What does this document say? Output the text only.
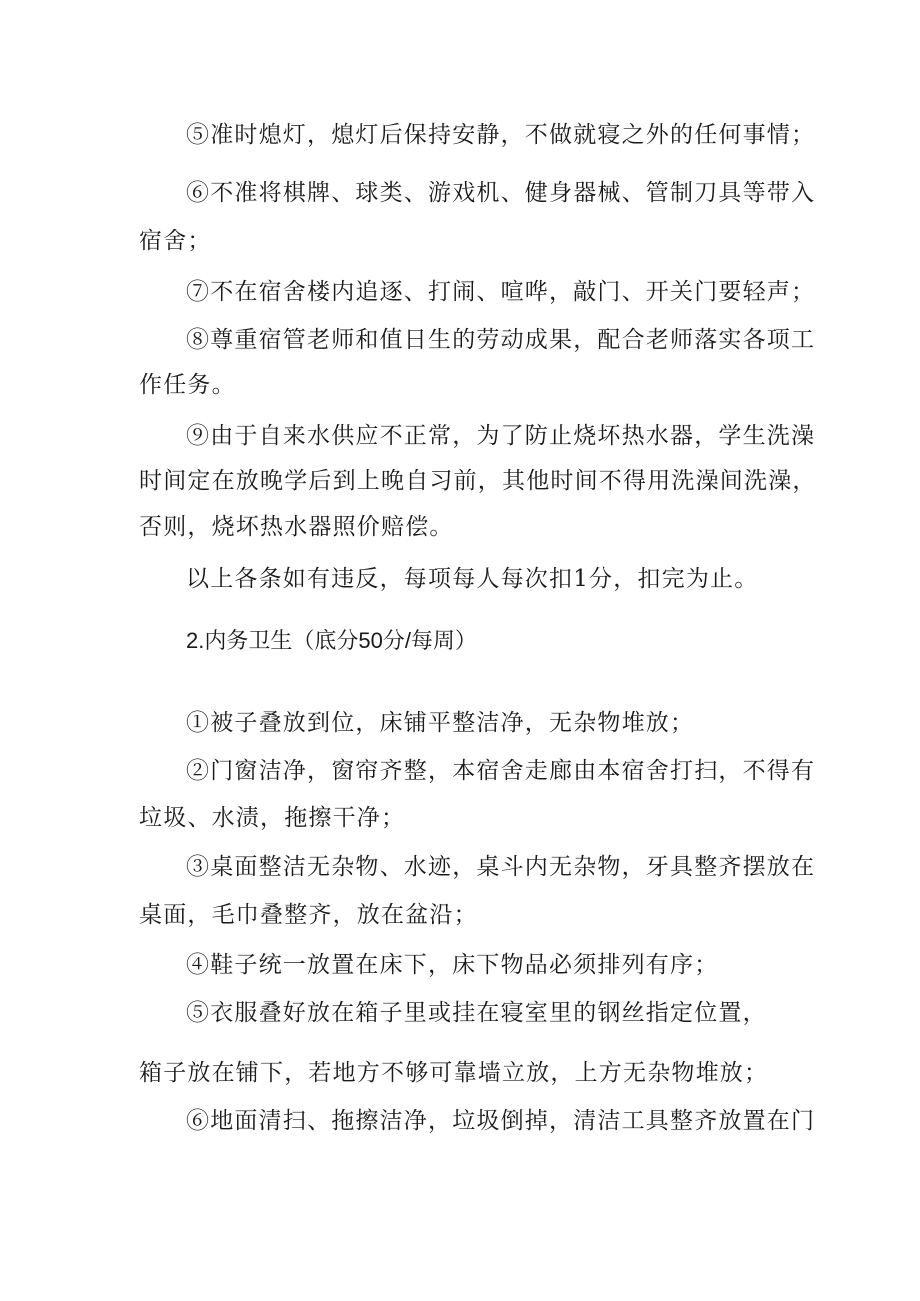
⑤准时熄灯，熄灯后保持安静，不做就寝之外的任何事情；
⑥不准将棋牌、球类、游戏机、健身器械、管制刀具等带入
宿舍；
⑦不在宿舍楼内追逐、打闹、喧哗，敲门、开关门要轻声；
⑧尊重宿管老师和值日生的劳动成果，配合老师落实各项工
作任务。
⑨由于自来水供应不正常，为了防止烧坏热水器，学生洗澡
时间定在放晚学后到上晚自习前，其他时间不得用洗澡间洗澡，
否则，烧坏热水器照价赔偿。
以上各条如有违反，每项每人每次扣1分，扣完为止。
2.内务卫生（底分50分/每周）
①被子叠放到位，床铺平整洁净，无杂物堆放；
②门窗洁净，窗帘齐整，本宿舍走廊由本宿舍打扫，不得有
垃圾、水渍，拖擦干净；
③桌面整洁无杂物、水迹，桌斗内无杂物，牙具整齐摆放在
桌面，毛巾叠整齐，放在盆沿；
④鞋子统一放置在床下，床下物品必须排列有序；
⑤衣服叠好放在箱子里或挂在寝室里的钢丝指定位置，
箱子放在铺下，若地方不够可靠墙立放，上方无杂物堆放；
⑥地面清扫、拖擦洁净，垃圾倒掉，清洁工具整齐放置在门
